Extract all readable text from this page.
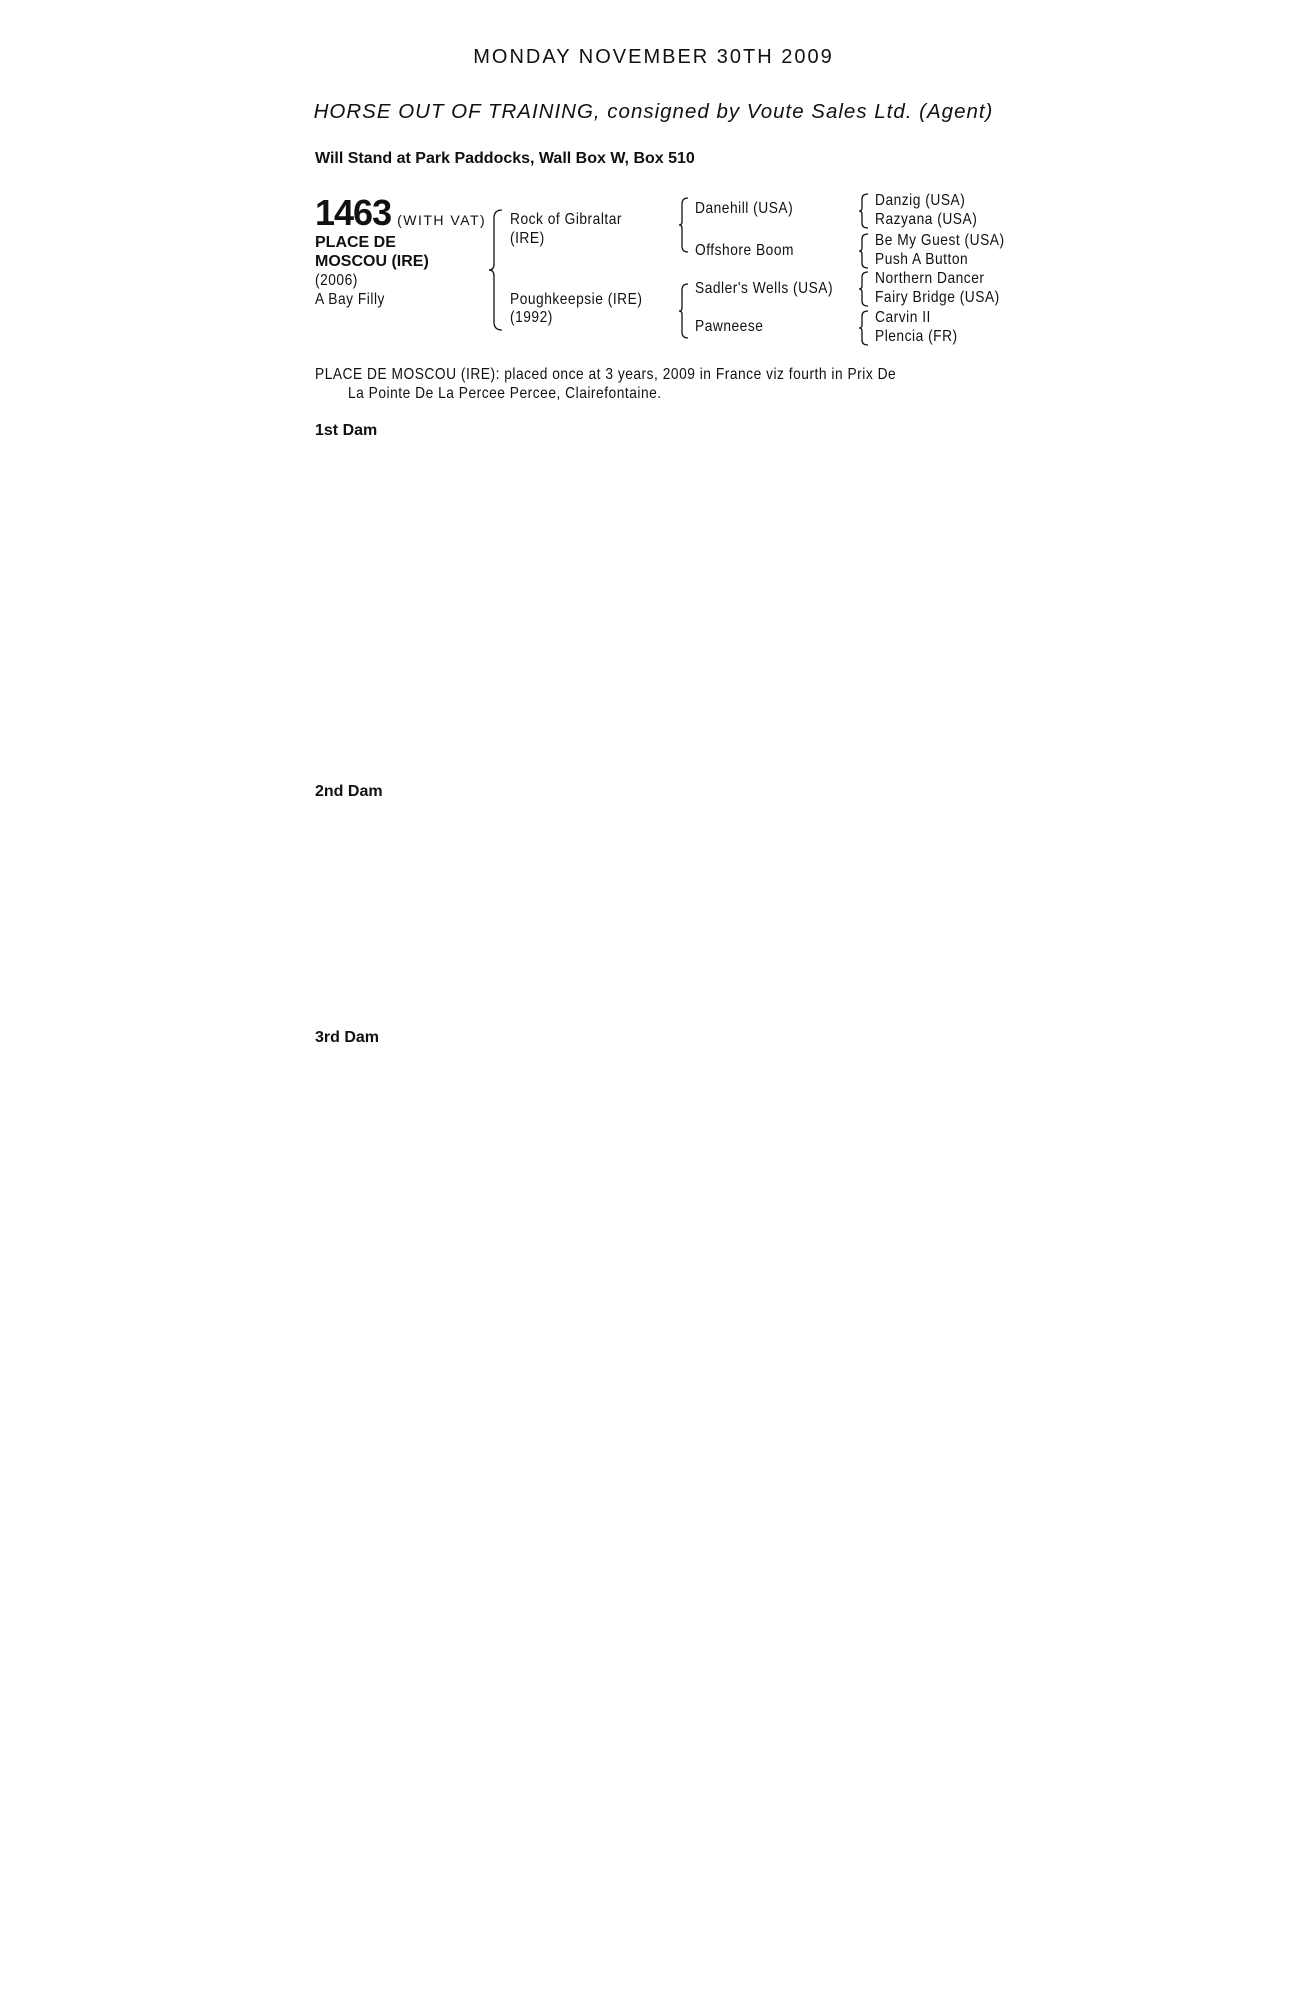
MONDAY NOVEMBER 30TH 2009
HORSE OUT OF TRAINING, consigned by Voute Sales Ltd. (Agent)
Will Stand at Park Paddocks, Wall Box W, Box 510
1463 (WITH VAT)
PLACE DE
MOSCOU (IRE)
(2006)
A Bay Filly
Rock of Gibraltar
(IRE)
Poughkeepsie (IRE)
(1992)
Danehill (USA)
Offshore Boom
Sadler's Wells (USA)
Pawneese
Danzig (USA)
Razyana (USA)
Be My Guest (USA)
Push A Button
Northern Dancer
Fairy Bridge (USA)
Carvin II
Plencia (FR)
PLACE DE MOSCOU (IRE): placed once at 3 years, 2009 in France viz fourth in Prix De
La Pointe De La Percee Percee, Clairefontaine.
1st Dam
2nd Dam
3rd Dam
